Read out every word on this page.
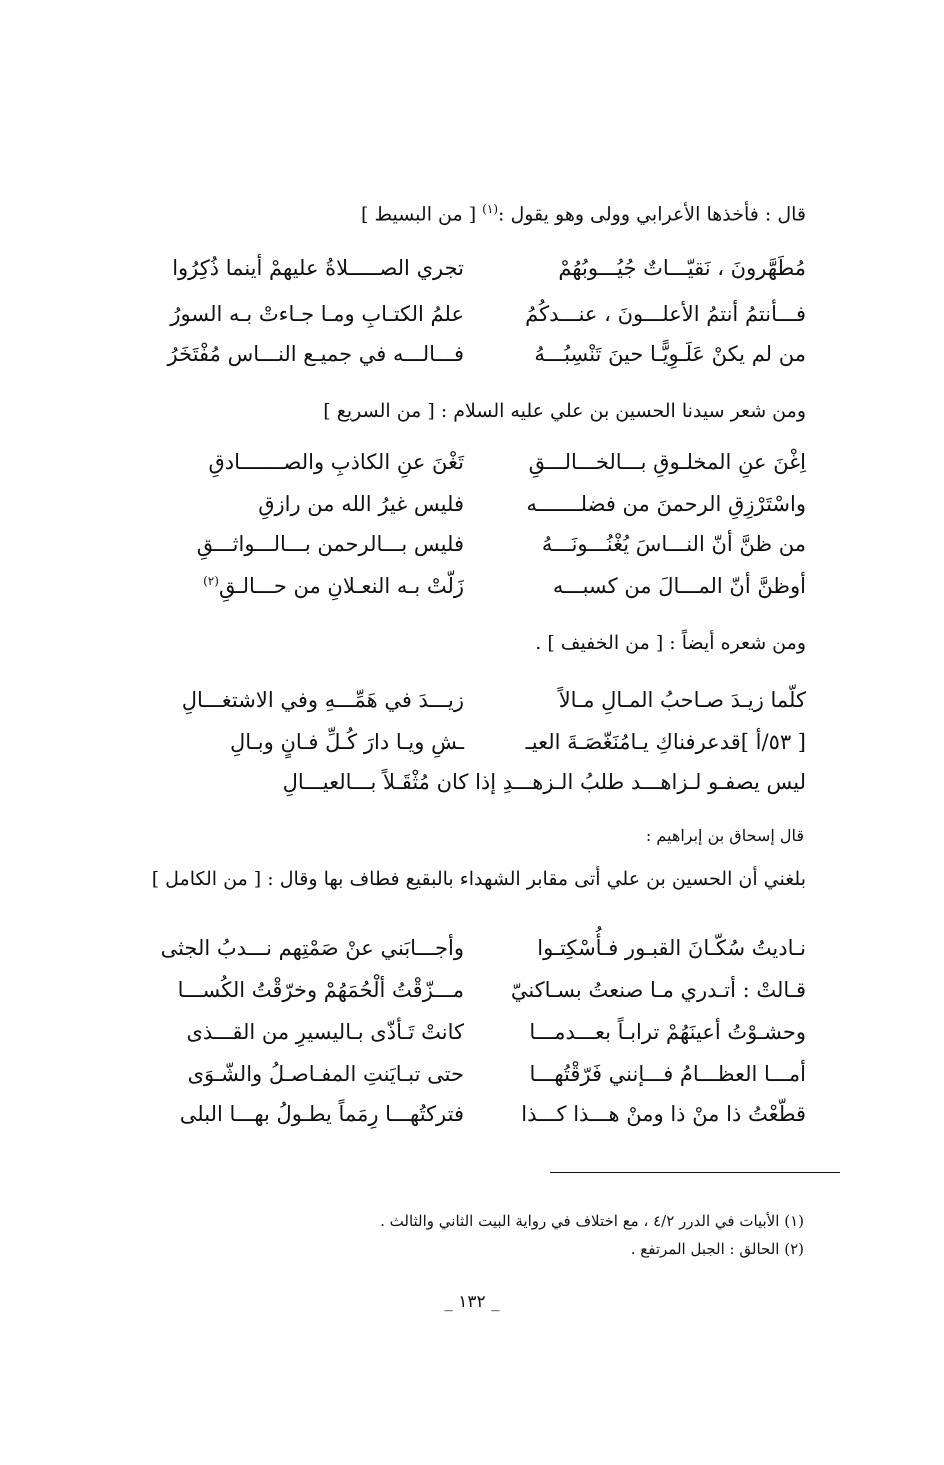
قال : فأخذها الأعرابي وولى وهو يقول :$^{(١)}$ [ من البسيط ]
مُطَهَّرونَ ، نَقيّـــاتٌ جُيُـــوبُهُمْ
تجري الصـــــلاةُ عليهمْ أينما ذُكِرُوا
فـــأنتمُ أنتمُ الأعلـــونَ ، عنـــدكُمُ
علمُ الكتـابِ ومـا جـاءتْ بـه السورُ
من لم يكنْ عَلَـوِيًّـا حينَ تَنْسِبُـــهُ
فـــالـــه في جميـع النـــاس مُفْتَخَرُ
ومن شعر سيدنا الحسين بن علي عليه السلام : [ من السريع ]
اِغْنَ عنِ المخلـوقِ بـــالخـــالـــقِ
تَغْنَ عنِ الكاذبِ والصـــــــادقِ
واسْتَرْزِقِ الرحمنَ من فضلـــــــه
فليس غيرُ الله من رازقِ
من ظنَّ أنّ النـــاسَ يُغْنُـــونَـــهُ
فليس بـــالرحمن بـــالـــواثـــقِ
أوظنَّ أنّ المـــالَ من كسبـــه
زَلّتْ بـه النعـلانِ من حـــالـقِ$^{(٢)}$
ومن شعره أيضاً : [ من الخفيف ] .
كلّما زيـدَ صـاحبُ المـالِ مـالاً
زيـــدَ في هَمِّـــهِ وفي الاشتغـــالِ
[ ٥٣/أ ]قدعرفناكِ يـامُنَغّصَـةَ العيـ
ـشِ ويـا دارَ كُـلِّ فـانٍ وبـالِ
ليس يصفـو لـزاهـــد طلبُ الـزهـــدِ إذا كان مُثْقَـلاً بـــالعيـــالِ
قال إسحاق بن إبراهيم :
بلغني أن الحسين بن علي أتى مقابر الشهداء بالبقيع فطاف بها وقال : [ من الكامل ]
نـاديتُ سُكّـانَ القبـور فـأُسْكِتـوا
وأجـــابَني عنْ صَمْتِهم نـــدبُ الجثى
قـالتْ : أتـدري مـا صنعتُ بسـاكنيّ
مـــزّقْتُ ألْحُمَهُمْ وخرّقْتُ الكُســـا
وحشـوْتُ أعينَهُمْ ترابـاً بعـــدمـــا
كانتْ تَـأذّى بـاليسيرِ من القـــذى
أمـــا العظـــامُ فـــإنني فَرّقْتُهـــا
حتى تبـايَنتِ المفـاصـلُ والشّـوَى
قطّعْتُ ذا منْ ذا ومنْ هـــذا كـــذا
فتركتُهـــا رِمَماً يطـولُ بهـــا البلى
(١) الأبيات في الدرر ٤/٢ ، مع اختلاف في رواية البيت الثاني والثالث .
(٢) الحالق : الجبل المرتفع .
_ ١٣٢ _
